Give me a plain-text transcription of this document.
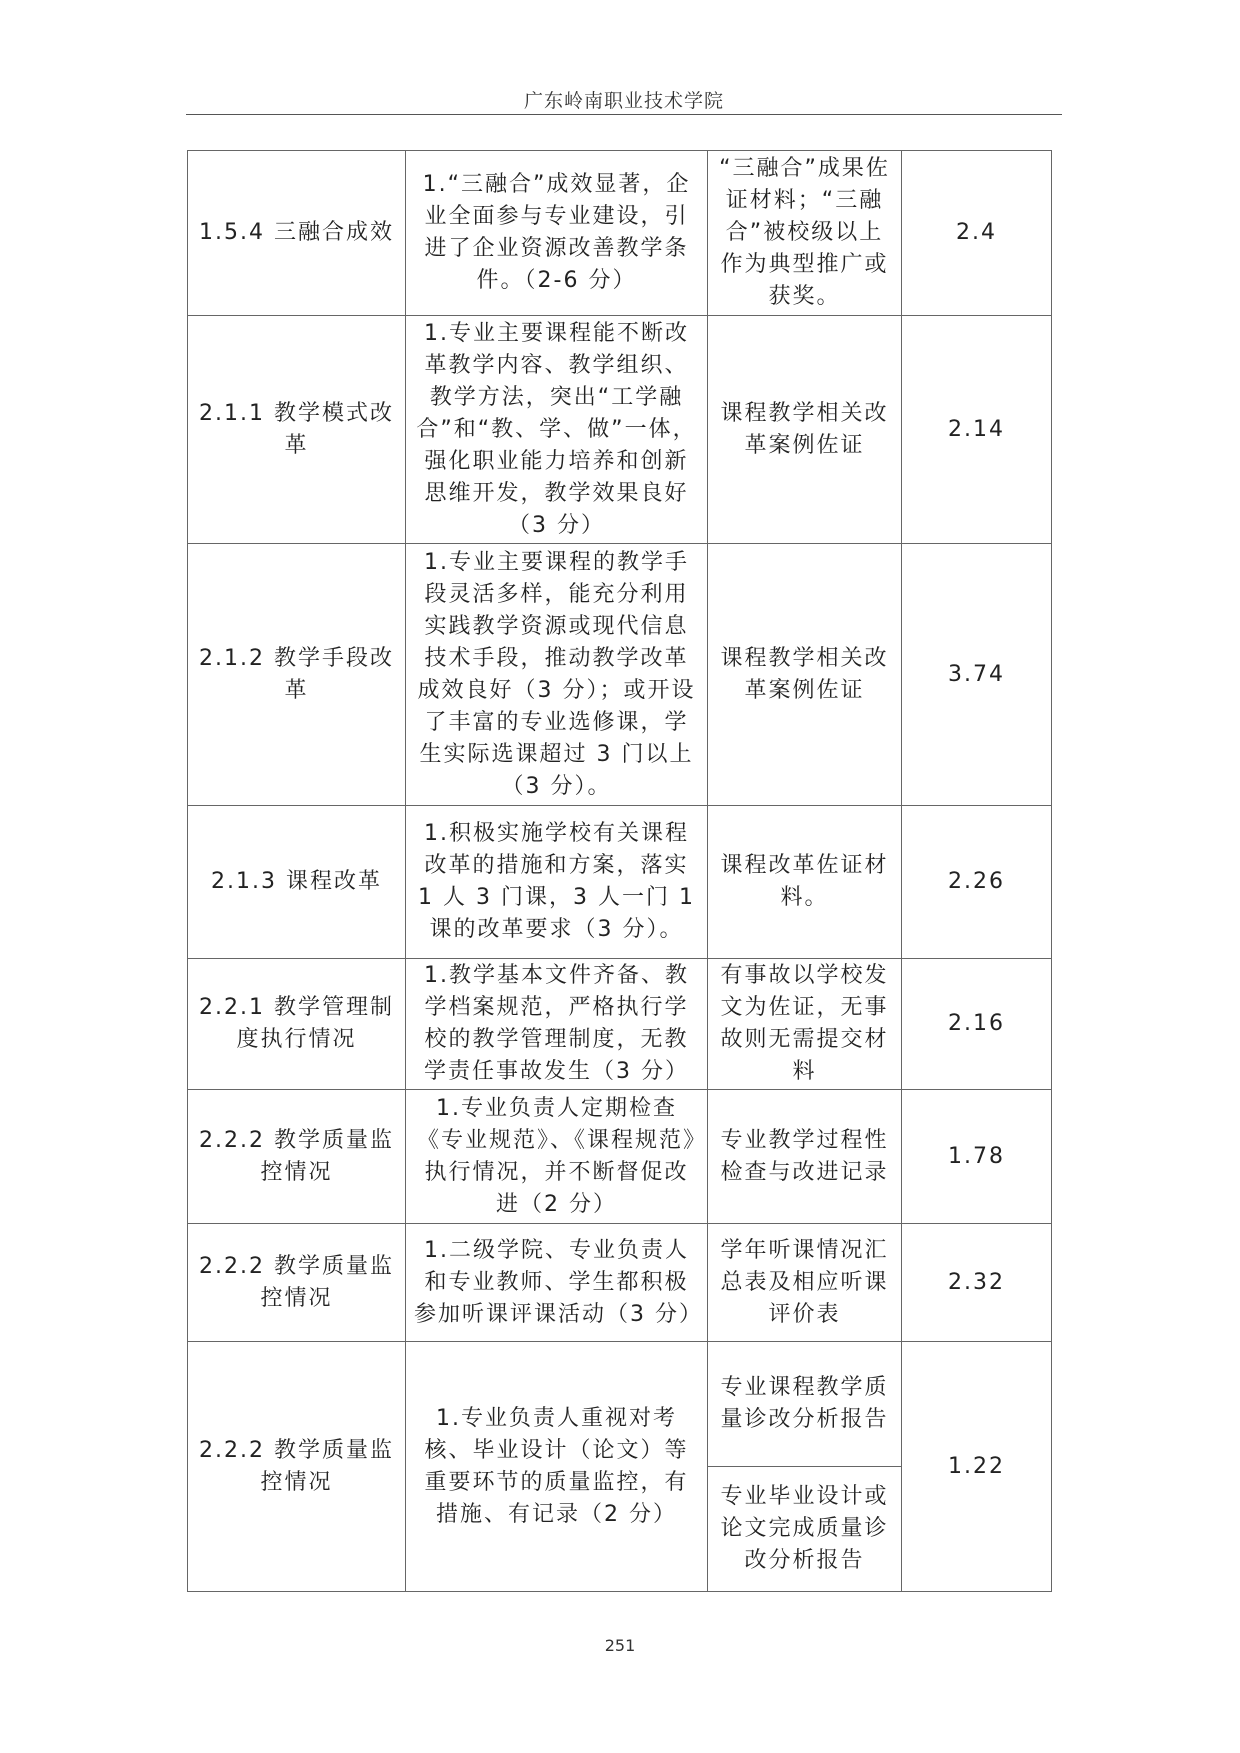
广东岭南职业技术学院
1.5.4 三融合成效	1.“三融合”成效显著，企业全面参与专业建设，引进了企业资源改善教学条件。（2-6 分）	“三融合”成果佐证材料；“三融合”被校级以上作为典型推广或获奖。	2.4
2.1.1 教学模式改革	1.专业主要课程能不断改革教学内容、教学组织、教学方法，突出“工学融合”和“教、学、做”一体，强化职业能力培养和创新思维开发，教学效果良好（3 分）	课程教学相关改革案例佐证	2.14
2.1.2 教学手段改革	1.专业主要课程的教学手段灵活多样，能充分利用实践教学资源或现代信息技术手段，推动教学改革成效良好（3 分）；或开设了丰富的专业选修课，学生实际选课超过 3 门以上（3 分）。	课程教学相关改革案例佐证	3.74
2.1.3 课程改革	1.积极实施学校有关课程改革的措施和方案，落实 1 人 3 门课，3 人一门 1 课的改革要求（3 分）。	课程改革佐证材料。	2.26
2.2.1 教学管理制度执行情况	1.教学基本文件齐备、教学档案规范，严格执行学校的教学管理制度，无教学责任事故发生（3 分）	有事故以学校发文为佐证，无事故则无需提交材料	2.16
2.2.2 教学质量监控情况	1.专业负责人定期检查《专业规范》、《课程规范》执行情况，并不断督促改进（2 分）	专业教学过程性检查与改进记录	1.78
2.2.2 教学质量监控情况	1.二级学院、专业负责人和专业教师、学生都积极参加听课评课活动（3 分）	学年听课情况汇总表及相应听课评价表	2.32
2.2.2 教学质量监控情况	1.专业负责人重视对考核、毕业设计（论文）等重要环节的质量监控，有措施、有记录（2 分）	专业课程教学质量诊改分析报告	1.22
		专业毕业设计或论文完成质量诊改分析报告	
251
